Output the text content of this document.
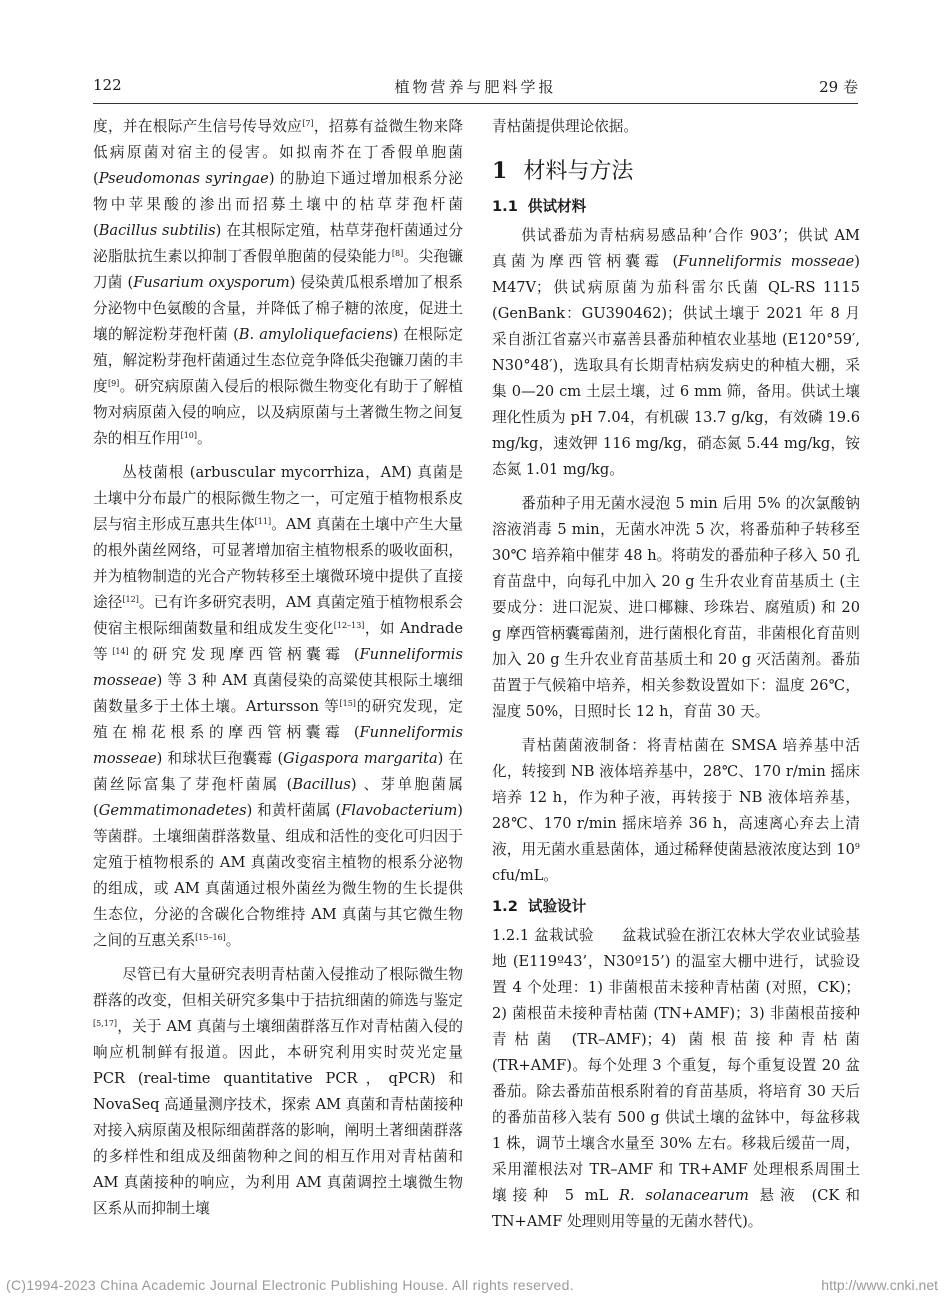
122	植物营养与肥料学报	29 卷

度，并在根际产生信号传导效应[7]，招募有益微生物来降低病原菌对宿主的侵害。如拟南芥在丁香假单胞菌 (Pseudomonas syringae) 的胁迫下通过增加根系分泌物中苹果酸的渗出而招募土壤中的枯草芽孢杆菌 (Bacillus subtilis) 在其根际定殖，枯草芽孢杆菌通过分泌脂肽抗生素以抑制丁香假单胞菌的侵染能力[8]。尖孢镰刀菌 (Fusarium oxysporum) 侵染黄瓜根系增加了根系分泌物中色氨酸的含量，并降低了棉子糖的浓度，促进土壤的解淀粉芽孢杆菌 (B. amyloliquefaciens) 在根际定殖，解淀粉芽孢杆菌通过生态位竞争降低尖孢镰刀菌的丰度[9]。研究病原菌入侵后的根际微生物变化有助于了解植物对病原菌入侵的响应，以及病原菌与土著微生物之间复杂的相互作用[10]。

丛枝菌根 (arbuscular mycorrhiza，AM) 真菌是土壤中分布最广的根际微生物之一，可定殖于植物根系皮层与宿主形成互惠共生体[11]。AM 真菌在土壤中产生大量的根外菌丝网络，可显著增加宿主植物根系的吸收面积，并为植物制造的光合产物转移至土壤微环境中提供了直接途径[12]。已有许多研究表明，AM 真菌定殖于植物根系会使宿主根际细菌数量和组成发生变化[12–13]，如 Andrade 等[14]的研究发现摩西管柄囊霉 (Funneliformis mosseae) 等 3 种 AM 真菌侵染的高粱使其根际土壤细菌数量多于土体土壤。Artursson 等[15]的研究发现，定殖在棉花根系的摩西管柄囊霉 (Funneliformis mosseae) 和球状巨孢囊霉 (Gigaspora margarita) 在菌丝际富集了芽孢杆菌属 (Bacillus) 、芽单胞菌属 (Gemmatimonadetes) 和黄杆菌属 (Flavobacterium) 等菌群。土壤细菌群落数量、组成和活性的变化可归因于定殖于植物根系的 AM 真菌改变宿主植物的根系分泌物的组成，或 AM 真菌通过根外菌丝为微生物的生长提供生态位，分泌的含碳化合物维持 AM 真菌与其它微生物之间的互惠关系[15–16]。

尽管已有大量研究表明青枯菌入侵推动了根际微生物群落的改变，但相关研究多集中于拮抗细菌的筛选与鉴定[5,17]，关于 AM 真菌与土壤细菌群落互作对青枯菌入侵的响应机制鲜有报道。因此，本研究利用实时荧光定量 PCR (real-time quantitative PCR，qPCR) 和 NovaSeq 高通量测序技术，探索 AM 真菌和青枯菌接种对接入病原菌及根际细菌群落的影响，阐明土著细菌群落的多样性和组成及细菌物种之间的相互作用对青枯菌和 AM 真菌接种的响应，为利用 AM 真菌调控土壤微生物区系从而抑制土壤

青枯菌提供理论依据。

1 材料与方法
1.1 供试材料

供试番茄为青枯病易感品种‘合作 903’；供试 AM 真菌为摩西管柄囊霉 (Funneliformis mosseae) M47V；供试病原菌为茄科雷尔氏菌 QL-RS 1115 (GenBank：GU390462)；供试土壤于 2021 年 8 月采自浙江省嘉兴市嘉善县番茄种植农业基地 (E120°59′, N30°48′)，选取具有长期青枯病发病史的种植大棚，采集 0—20 cm 土层土壤，过 6 mm 筛，备用。供试土壤理化性质为 pH 7.04，有机碳 13.7 g/kg，有效磷 19.6 mg/kg，速效钾 116 mg/kg，硝态氮 5.44 mg/kg，铵态氮 1.01 mg/kg。

番茄种子用无菌水浸泡 5 min 后用 5% 的次氯酸钠溶液消毒 5 min，无菌水冲洗 5 次，将番茄种子转移至 30℃ 培养箱中催芽 48 h。将萌发的番茄种子移入 50 孔育苗盘中，向每孔中加入 20 g 生升农业育苗基质土 (主要成分：进口泥炭、进口椰糠、珍珠岩、腐殖质) 和 20 g 摩西管柄囊霉菌剂，进行菌根化育苗，非菌根化育苗则加入 20 g 生升农业育苗基质土和 20 g 灭活菌剂。番茄苗置于气候箱中培养，相关参数设置如下：温度 26℃，湿度 50%，日照时长 12 h，育苗 30 天。

青枯菌菌液制备：将青枯菌在 SMSA 培养基中活化，转接到 NB 液体培养基中，28℃、170 r/min 摇床培养 12 h，作为种子液，再转接于 NB 液体培养基，28℃、170 r/min 摇床培养 36 h，高速离心弃去上清液，用无菌水重悬菌体，通过稀释使菌悬液浓度达到 $10^9$ cfu/mL。

1.2 试验设计

1.2.1 盆栽试验 盆栽试验在浙江农林大学农业试验基地 (E119º43’，N30º15’) 的温室大棚中进行，试验设置 4 个处理：1) 非菌根苗未接种青枯菌 (对照，CK)；2) 菌根苗未接种青枯菌 (TN+AMF)；3) 非菌根苗接种青枯菌 (TR–AMF)；4) 菌根苗接种青枯菌 (TR+AMF)。每个处理 3 个重复，每个重复设置 20 盆番茄。除去番茄苗根系附着的育苗基质，将培育 30 天后的番茄苗移入装有 500 g 供试土壤的盆钵中，每盆移栽 1 株，调节土壤含水量至 30% 左右。移栽后缓苗一周，采用灌根法对 TR–AMF 和 TR+AMF 处理根系周围土壤接种 5 mL R. solanacearum 悬液 (CK和 TN+AMF 处理则用等量的无菌水替代)。

(C)1994-2023 China Academic Journal Electronic Publishing House. All rights reserved.	http://www.cnki.net
